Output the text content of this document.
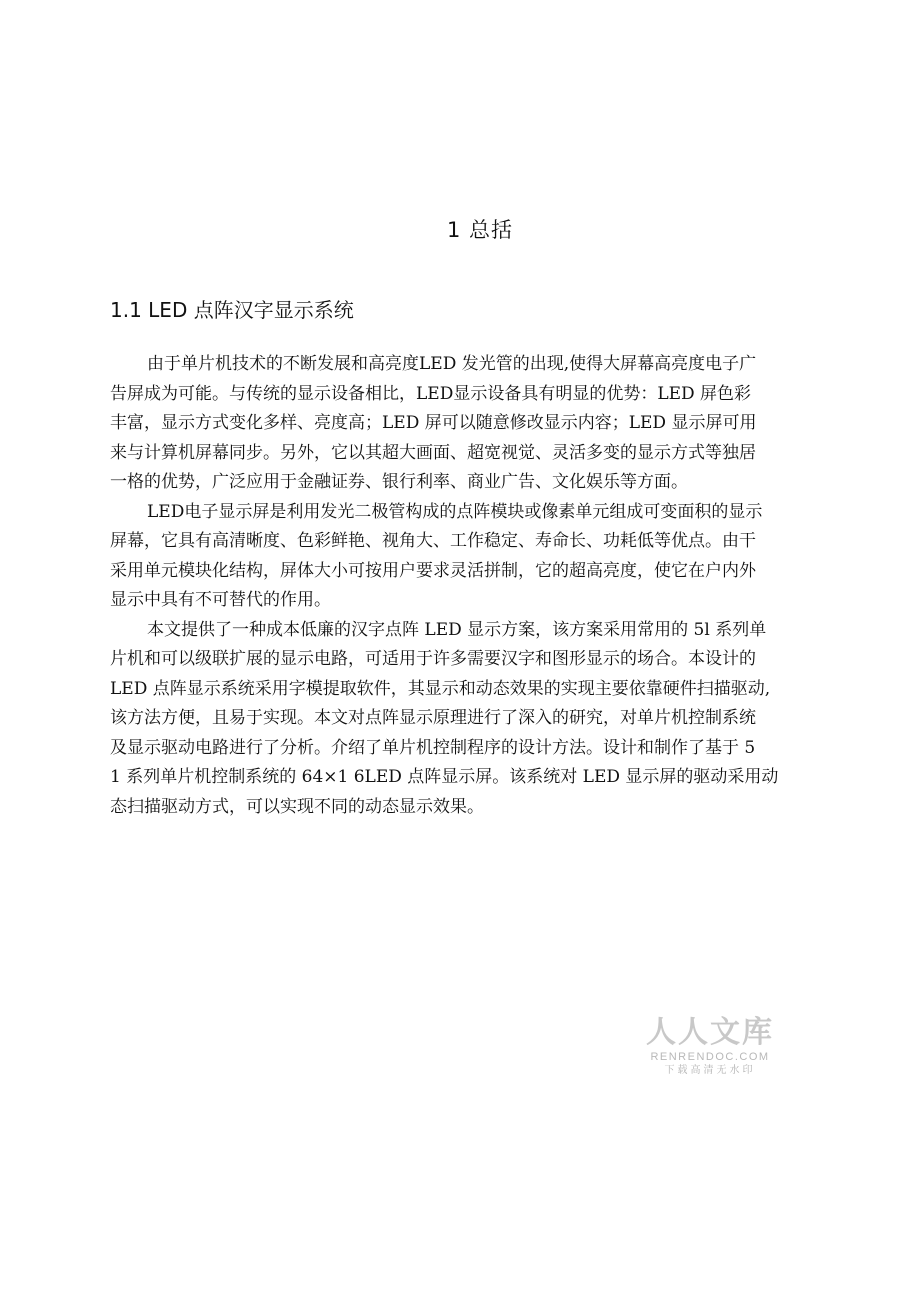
1 总括
1.1 LED 点阵汉字显示系统
由于单片机技术的不断发展和高亮度LED 发光管的出现,使得大屏幕高亮度电子广
告屏成为可能。与传统的显示设备相比，LED显示设备具有明显的优势：LED 屏色彩
丰富，显示方式变化多样、亮度高；LED 屏可以随意修改显示内容；LED 显示屏可用
来与计算机屏幕同步。另外，它以其超大画面、超宽视觉、灵活多变的显示方式等独居
一格的优势，广泛应用于金融证券、银行利率、商业广告、文化娱乐等方面。
LED电子显示屏是利用发光二极管构成的点阵模块或像素单元组成可变面积的显示
屏幕，它具有高清晰度、色彩鲜艳、视角大、工作稳定、寿命长、功耗低等优点。由干
采用单元模块化结构，屏体大小可按用户要求灵活拼制，它的超高亮度，使它在户内外
显示中具有不可替代的作用。
本文提供了一种成本低廉的汉字点阵 LED 显示方案，该方案采用常用的 5l 系列单
片机和可以级联扩展的显示电路，可适用于许多需要汉字和图形显示的场合。本设计的
LED 点阵显示系统采用字模提取软件，其显示和动态效果的实现主要依靠硬件扫描驱动,
该方法方便，且易于实现。本文对点阵显示原理进行了深入的研究，对单片机控制系统
及显示驱动电路进行了分析。介绍了单片机控制程序的设计方法。设计和制作了基于 5
1 系列单片机控制系统的 64×1 6LED 点阵显示屏。该系统对 LED 显示屏的驱动采用动
态扫描驱动方式，可以实现不同的动态显示效果。
人人文库
RENRENDOC.COM
下载高清无水印
